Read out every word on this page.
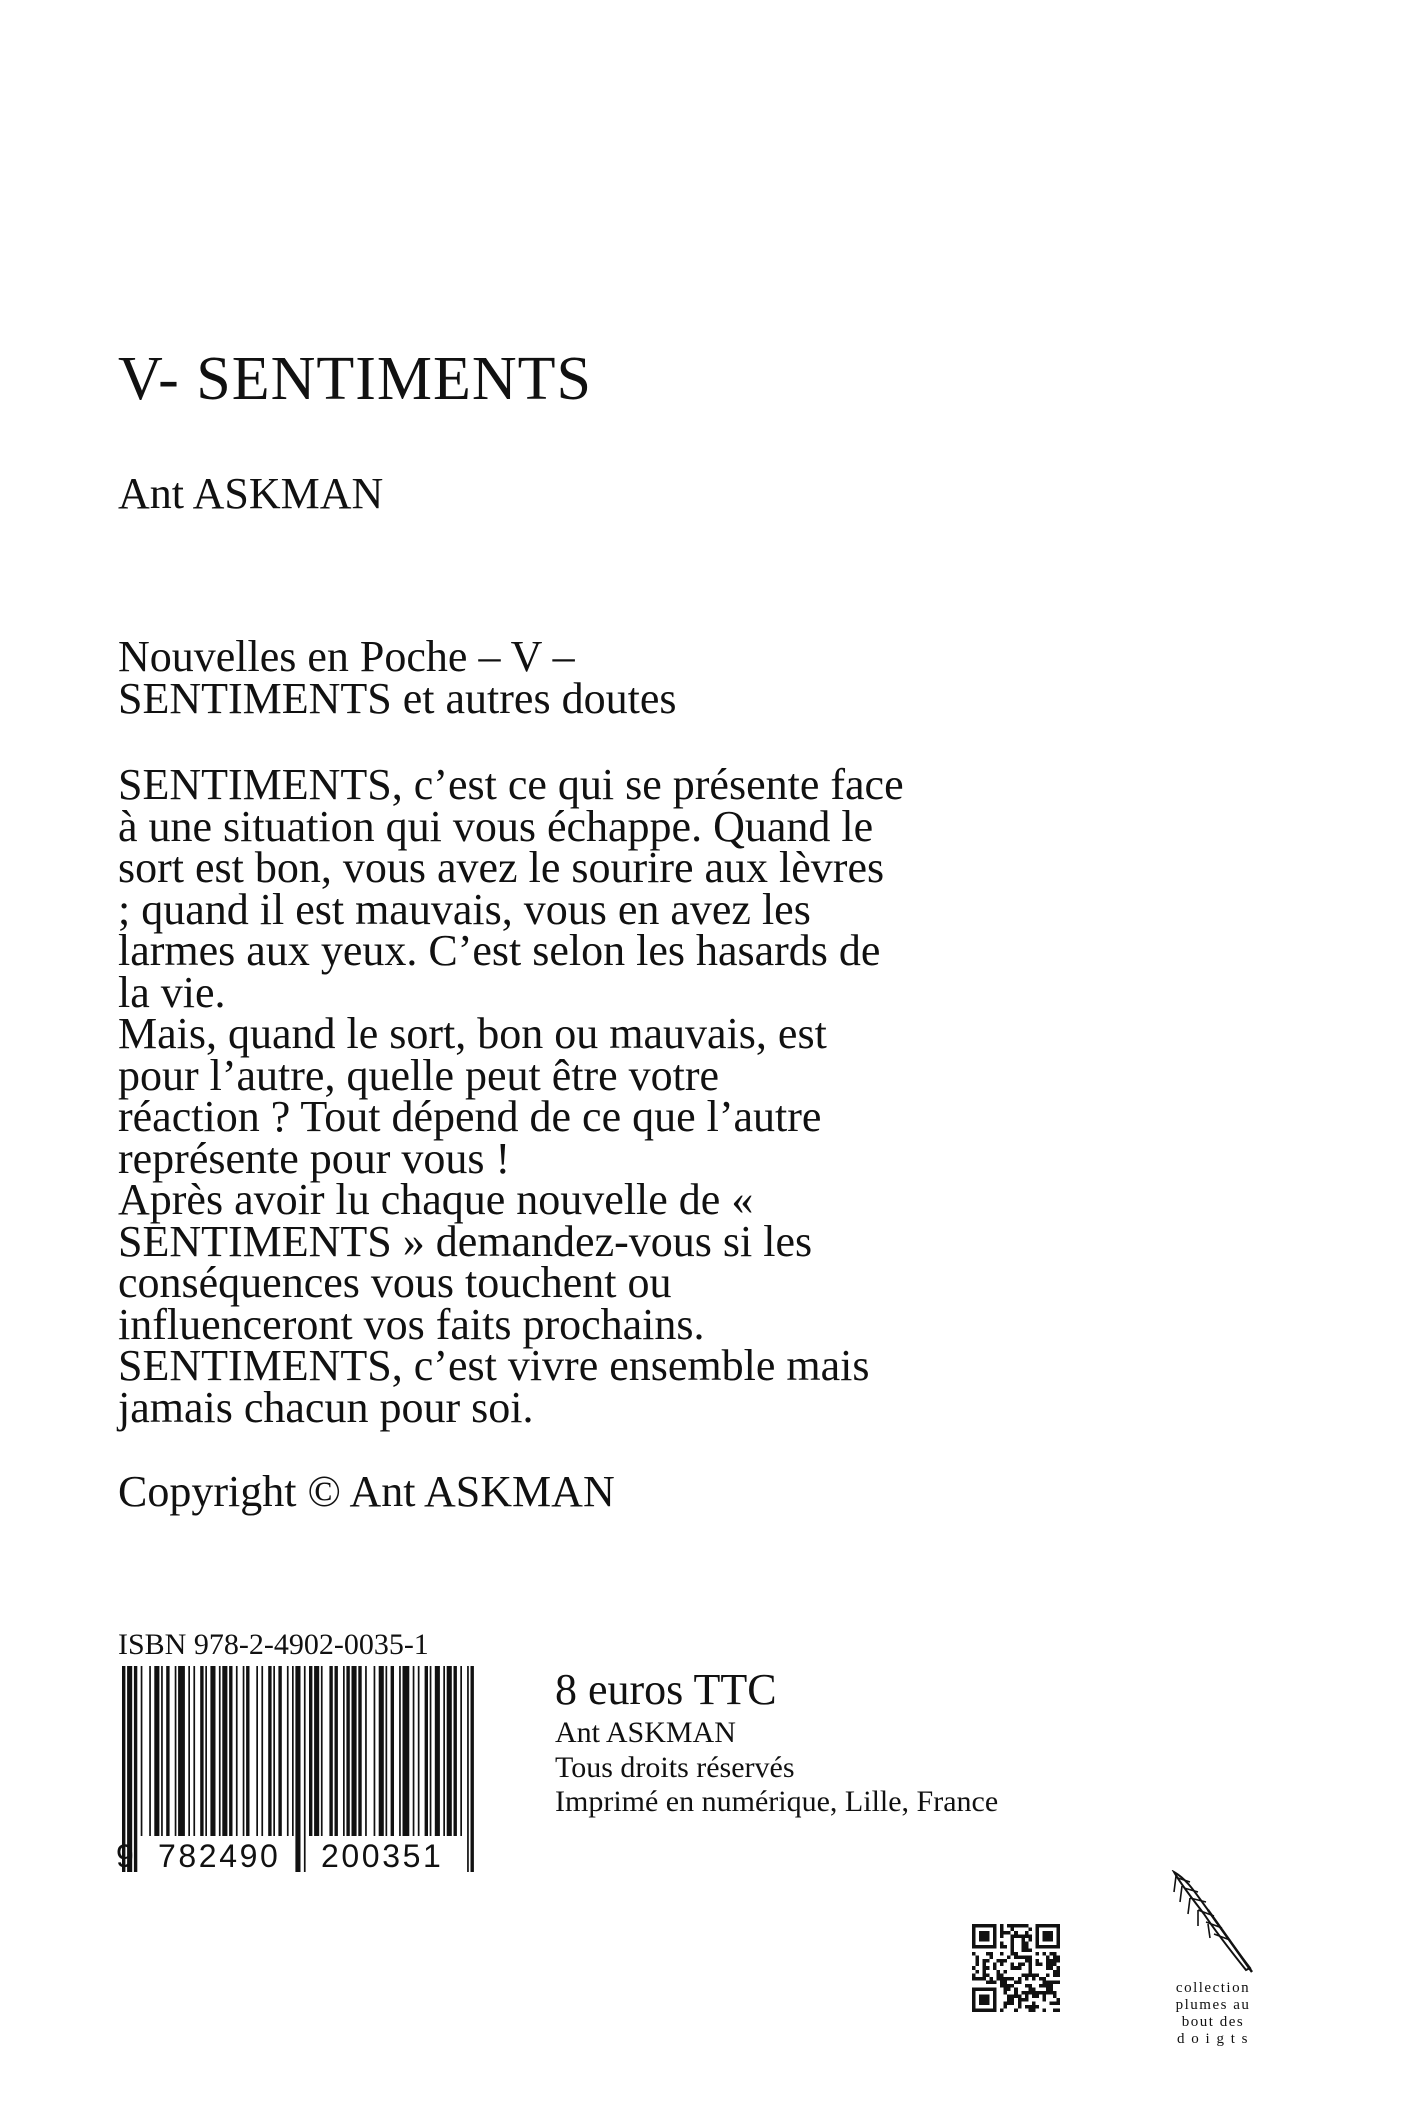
V- SENTIMENTS
Ant ASKMAN
Nouvelles en Poche – V –
SENTIMENTS et autres doutes
SENTIMENTS, c’est ce qui se présente face
à une situation qui vous échappe. Quand le
sort est bon, vous avez le sourire aux lèvres
; quand il est mauvais, vous en avez les
larmes aux yeux. C’est selon les hasards de
la vie.
Mais, quand le sort, bon ou mauvais, est
pour l’autre, quelle peut être votre
réaction ? Tout dépend de ce que l’autre
représente pour vous !
Après avoir lu chaque nouvelle de «
SENTIMENTS » demandez-vous si les
conséquences vous touchent ou
influenceront vos faits prochains.
SENTIMENTS, c’est vivre ensemble mais
jamais chacun pour soi.
Copyright © Ant ASKMAN
ISBN 978-2-4902-0035-1
9 782490 200351
8 euros TTC
Ant ASKMAN
Tous droits réservés
Imprimé en numérique, Lille, France
collection
plumes au
bout des
d o i g t s
